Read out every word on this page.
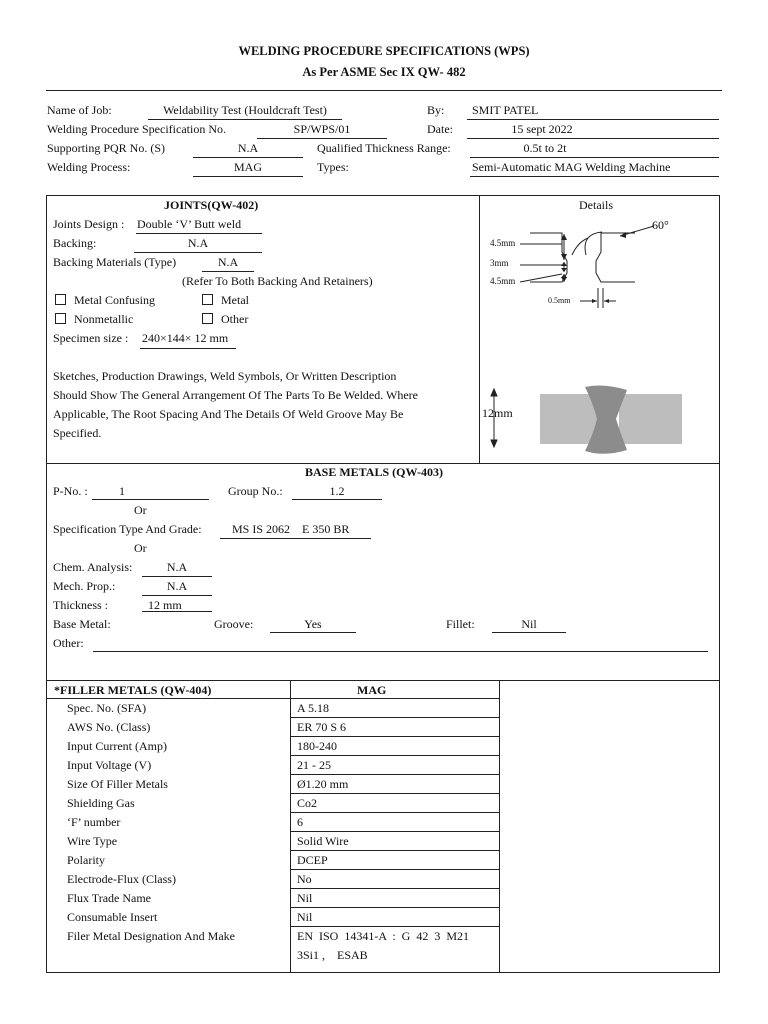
WELDING PROCEDURE SPECIFICATIONS (WPS)
As Per ASME Sec IX QW- 482
Name of Job:	Weldability Test (Houldcraft Test)	By: SMIT PATEL
Welding Procedure Specification No.	SP/WPS/01	Date:	15 sept 2022
Supporting PQR No. (S)	N.A	Qualified Thickness Range:	0.5t to 2t
Welding Process:	MAG	Types:	Semi-Automatic MAG Welding Machine
JOINTS(QW-402)	Details
Joints Design : Double ‘V’ Butt weld
Backing:	N.A
Backing Materials (Type)	N.A
(Refer To Both Backing And Retainers)
Metal Confusing	Metal
Nonmetallic	Other
Specimen size : 240×144× 12 mm
Sketches, Production Drawings, Weld Symbols, Or Written Description
Should Show The General Arrangement Of The Parts To Be Welded. Where
Applicable, The Root Spacing And The Details Of Weld Groove May Be
Specified.
60°
4.5mm
3mm
4.5mm
0.5mm
12mm
BASE METALS (QW-403)
P-No. :	1	Group No.:	1.2
Or
Specification Type And Grade:	MS IS 2062    E 350 BR
Or
Chem. Analysis:	N.A
Mech. Prop.:	N.A
Thickness :	12 mm
Base Metal:	Groove:	Yes	Fillet:	Nil
Other:
*FILLER METALS (QW-404)	MAG
Spec. No. (SFA)	A 5.18
AWS No. (Class)	ER 70 S 6
Input Current (Amp)	180-240
Input Voltage (V)	21 - 25
Size Of Filler Metals	Ø1.20 mm
Shielding Gas	Co2
‘F’ number	6
Wire Type	Solid Wire
Polarity	DCEP
Electrode-Flux (Class)	No
Flux Trade Name	Nil
Consumable Insert	Nil
Filer Metal Designation And Make	EN  ISO  14341-A  :  G  42  3  M21
3Si1 ,    ESAB
